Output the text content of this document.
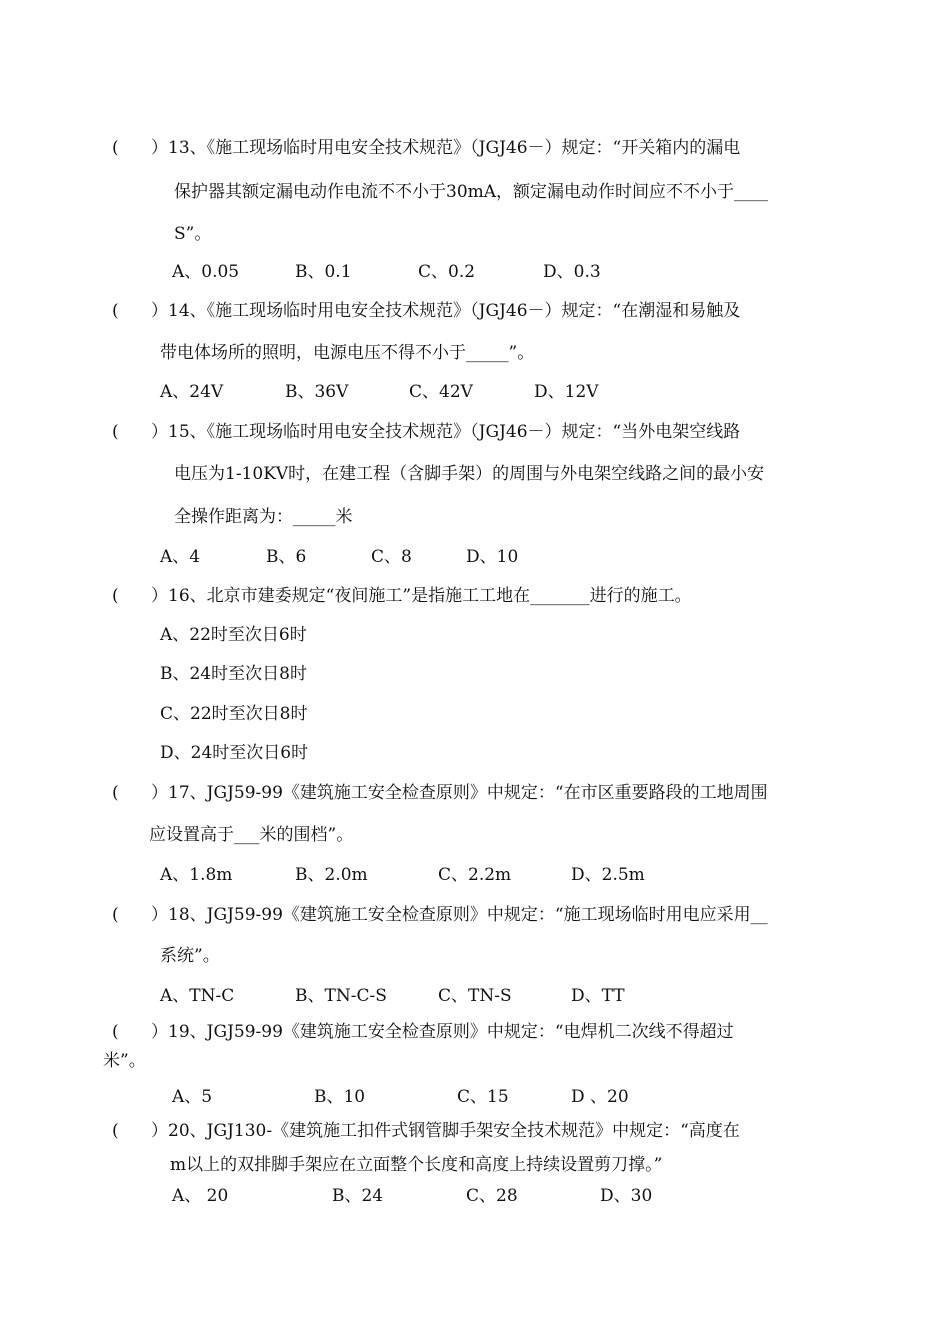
(      ）13、《施工现场临时用电安全技术规范》（JGJ46－）规定：“开关箱内的漏电
保护器其额定漏电动作电流不不小于30mA，额定漏电动作时间应不不小于____
S”。
A、0.05	B、0.1	C、0.2	D、0.3
(      ）14、《施工现场临时用电安全技术规范》（JGJ46－）规定：“在潮湿和易触及
带电体场所的照明，电源电压不得不小于_____”。
A、24V	B、36V	C、42V	D、12V
(      ）15、《施工现场临时用电安全技术规范》（JGJ46－）规定：“当外电架空线路
电压为1-10KV时，在建工程（含脚手架）的周围与外电架空线路之间的最小安
全操作距离为：_____米
A、4	B、6	C、8	D、10
(      ）16、北京市建委规定“夜间施工”是指施工工地在_______进行的施工。
A、22时至次日6时
B、24时至次日8时
C、22时至次日8时
D、24时至次日6时
(      ）17、JGJ59-99《建筑施工安全检查原则》中规定：“在市区重要路段的工地周围
应设置高于___米的围档”。
A、1.8m	B、2.0m	C、2.2m	D、2.5m
(      ）18、JGJ59-99《建筑施工安全检查原则》中规定：“施工现场临时用电应采用__
系统”。
A、TN-C	B、TN-C-S	C、TN-S	D、TT
(      ）19、JGJ59-99《建筑施工安全检查原则》中规定：“电焊机二次线不得超过
米”。
A、5	B、10	C、15	D 、20
(      ）20、JGJ130-《建筑施工扣件式钢管脚手架安全技术规范》中规定：“高度在
m以上的双排脚手架应在立面整个长度和高度上持续设置剪刀撑。”
A、 20	B、24	C、28	D、30
